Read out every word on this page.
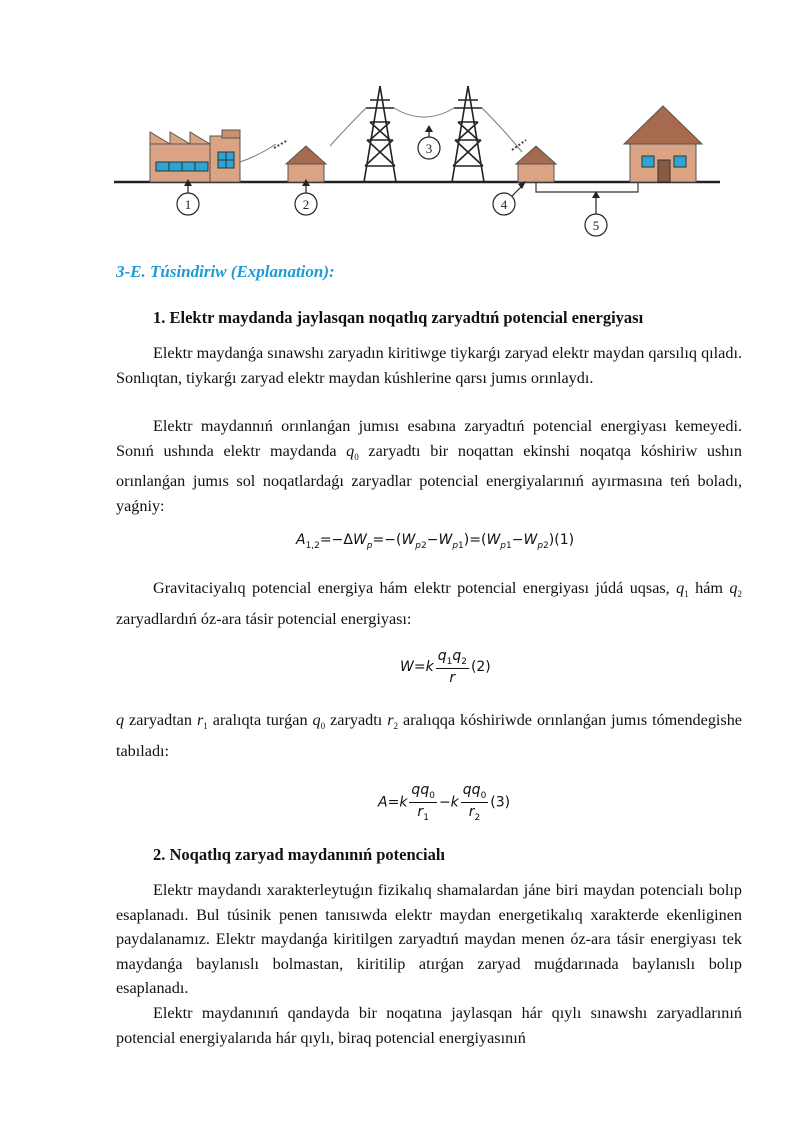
1	2
3
4
5

3-E. Túsindiriw (Explanation):

1. Elektr maydanda jaylasqan noqatlıq zaryadtıń potencial energiyası

Elektr maydanǵa sınawshı zaryadın kiritiwge tiykarǵı zaryad elektr maydan qarsılıq qıladı. Sonlıqtan, tiykarǵı zaryad elektr maydan kúshlerine qarsı jumıs orınlaydı.

Elektr maydannıń orınlanǵan jumısı esabına zaryadtıń potencial energiyası kemeyedi. Sonıń ushında elektr maydanda $q_0$ zaryadtı bir noqattan ekinshi noqatqa kóshiriw ushın orınlanǵan jumıs sol noqatlardaǵı zaryadlar potencial energiyalarınıń ayırmasına teń boladı, yaǵniy:

$A_{1,2}=-\Delta W_p=-(W_{p2}-W_{p1})=(W_{p1}-W_{p2})(1)$

Gravitaciyalıq potencial energiya hám elektr potencial energiyası júdá uqsas, $q_1$ hám $q_2$ zaryadlardıń óz-ara tásir potencial energiyası:

$W=k \frac{q_1q_2}{r} (2)$

q zaryadtan $r_1$ aralıqta turǵan $q_0$ zaryadtı $r_2$ aralıqqa kóshiriwde orınlanǵan jumıs tómendegishe tabıladı:

$A=k \frac{qq_0}{r_1} -k \frac{qq_0}{r_2} (3)$

2. Noqatlıq zaryad maydanınıń potencialı

Elektr maydandı xarakterleytuǵın fizikalıq shamalardan jáne biri maydan potencialı bolıp esaplanadı. Bul túsinik penen tanısıwda elektr maydan energetikalıq xarakterde ekenliginen paydalanamız. Elektr maydanǵa kiritilgen zaryadtıń maydan menen óz-ara tásir energiyası tek maydanǵa baylanıslı bolmastan, kiritilip atırǵan zaryad muǵdarınada baylanıslı bolıp esaplanadı.

Elektr maydanınıń qandayda bir noqatına jaylasqan hár qıylı sınawshı zaryadlarınıń potencial energiyalarıda hár qıylı, biraq potencial energiyasınıń
